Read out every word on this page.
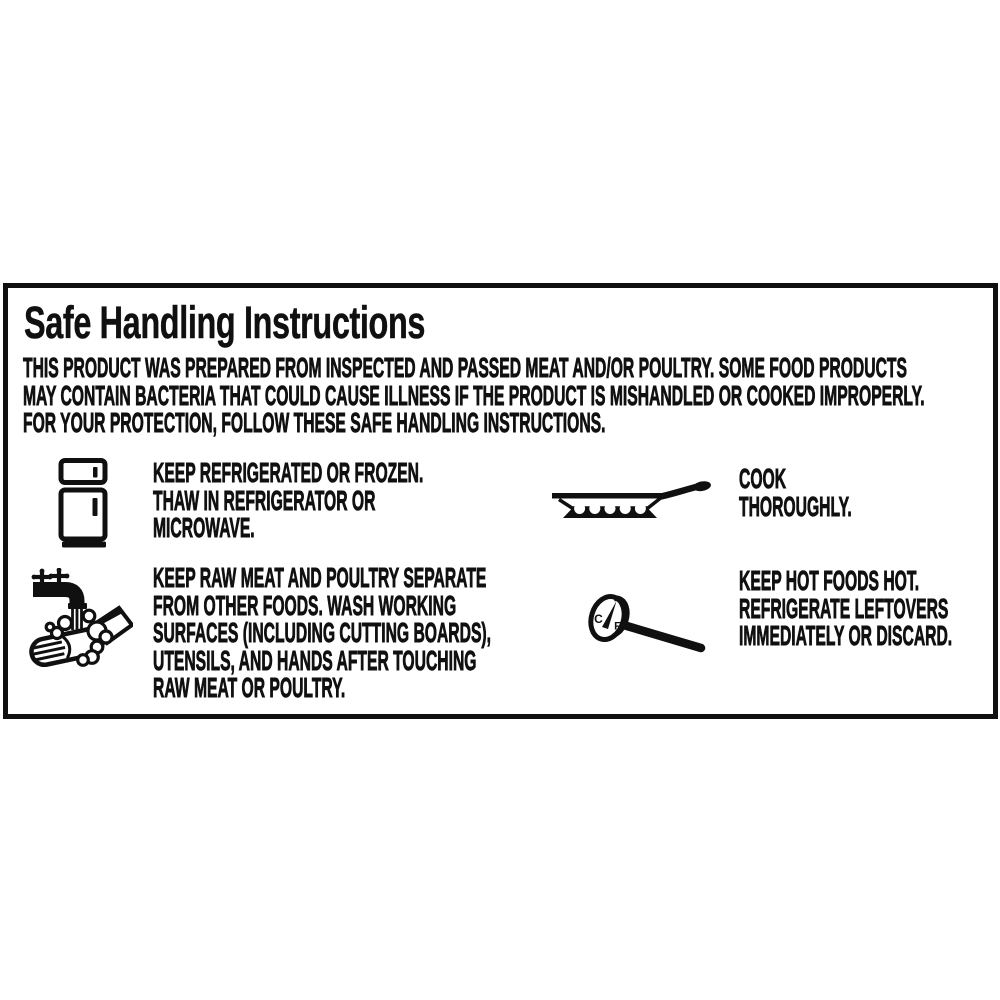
Safe Handling Instructions
THIS PRODUCT WAS PREPARED FROM INSPECTED AND PASSED MEAT AND/OR POULTRY. SOME FOOD PRODUCTS
MAY CONTAIN BACTERIA THAT COULD CAUSE ILLNESS IF THE PRODUCT IS MISHANDLED OR COOKED IMPROPERLY.
FOR YOUR PROTECTION, FOLLOW THESE SAFE HANDLING INSTRUCTIONS.
KEEP REFRIGERATED OR FROZEN.
THAW IN REFRIGERATOR OR
MICROWAVE.
KEEP RAW MEAT AND POULTRY SEPARATE
FROM OTHER FOODS. WASH WORKING
SURFACES (INCLUDING CUTTING BOARDS),
UTENSILS, AND HANDS AFTER TOUCHING
RAW MEAT OR POULTRY.
COOK
THOROUGHLY.
C
F
KEEP HOT FOODS HOT.
REFRIGERATE LEFTOVERS
IMMEDIATELY OR DISCARD.
